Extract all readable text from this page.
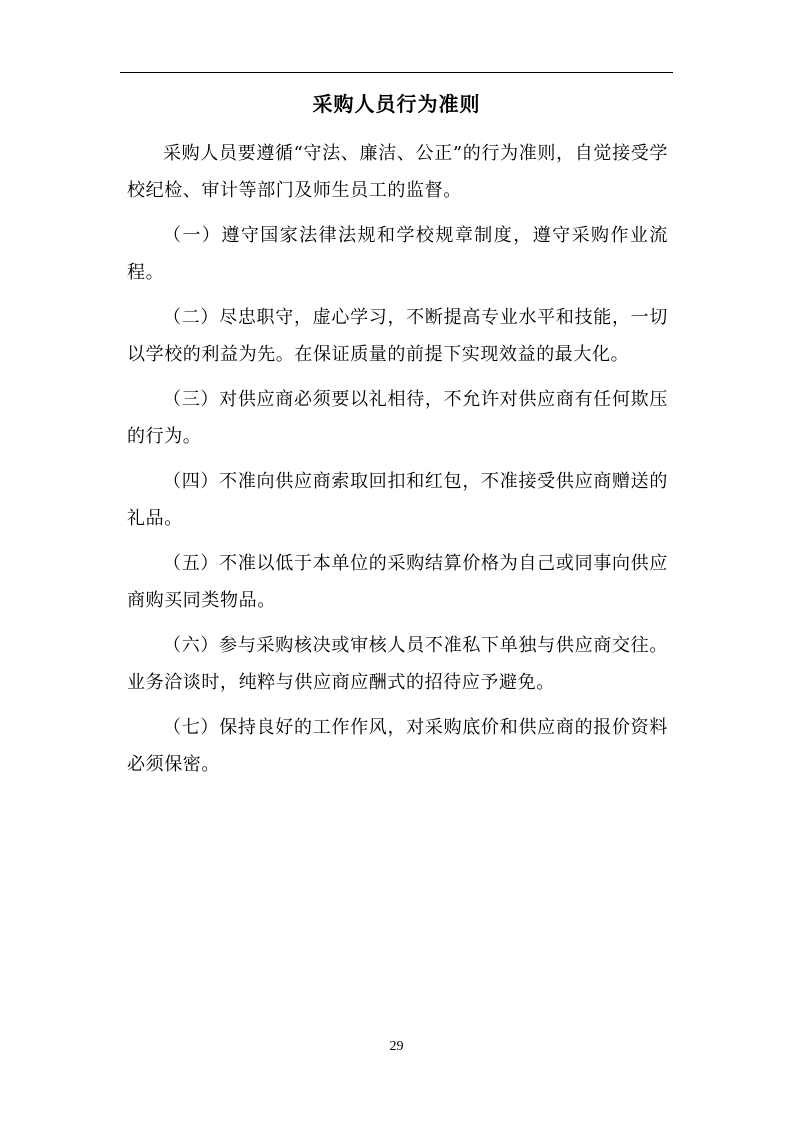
采购人员行为准则

采购人员要遵循“守法、廉洁、公正”的行为准则，自觉接受学校纪检、审计等部门及师生员工的监督。

（一）遵守国家法律法规和学校规章制度，遵守采购作业流程。

（二）尽忠职守，虚心学习，不断提高专业水平和技能，一切以学校的利益为先。在保证质量的前提下实现效益的最大化。

（三）对供应商必须要以礼相待，不允许对供应商有任何欺压的行为。

（四）不准向供应商索取回扣和红包，不准接受供应商赠送的礼品。

（五）不准以低于本单位的采购结算价格为自己或同事向供应商购买同类物品。

（六）参与采购核决或审核人员不准私下单独与供应商交往。业务洽谈时，纯粹与供应商应酬式的招待应予避免。

（七）保持良好的工作作风，对采购底价和供应商的报价资料必须保密。

29
